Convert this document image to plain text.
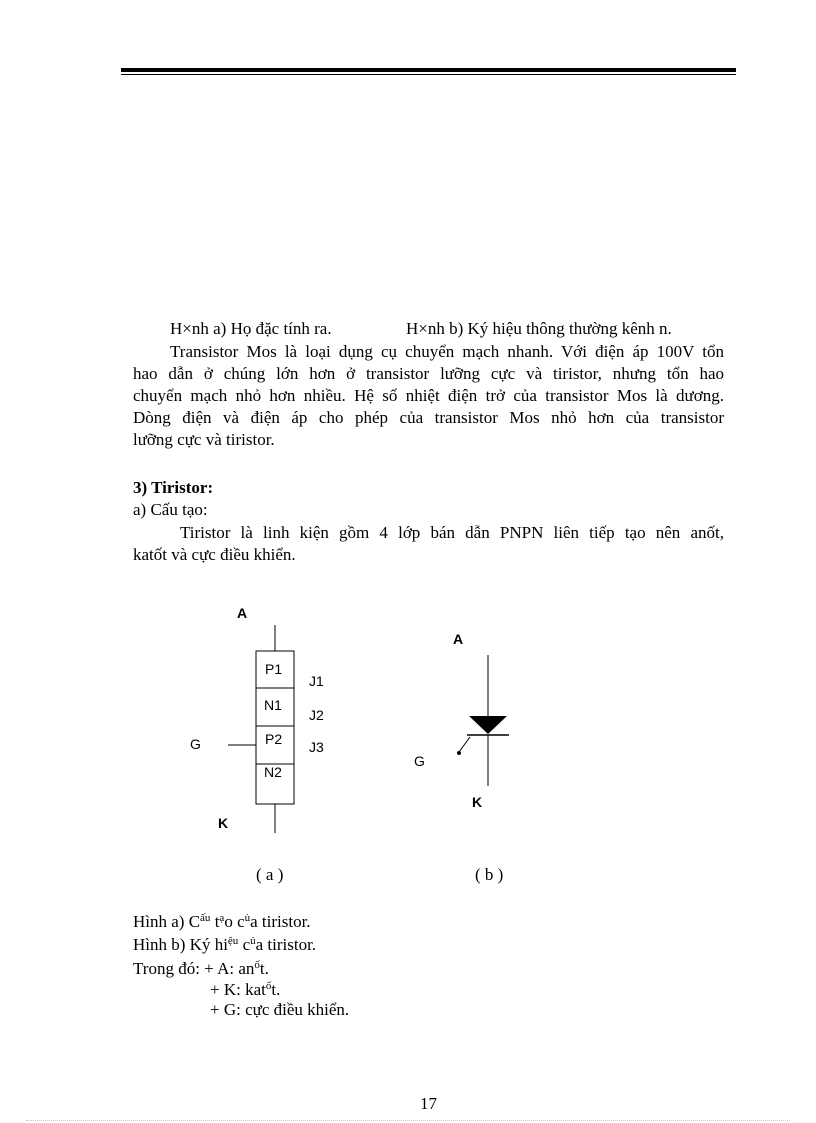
H×nh a) Họ đặc tính ra.	H×nh b) Ký hiệu thông thường kênh n.
Transistor Mos là loại dụng cụ chuyển mạch nhanh. Với điện áp 100V tổn
hao dẫn ở chúng lớn hơn ở transistor lưỡng cực và tiristor, nhưng tổn hao
chuyển mạch nhỏ hơn nhiều. Hệ số nhiệt điện trở của transistor Mos là dương.
Dòng điện và điện áp cho phép của transistor Mos nhỏ hơn của transistor
lưỡng cực và tiristor.
3) Tiristor:
a) Cấu tạo:
Tiristor là linh kiện gồm 4 lớp bán dẫn PNPN liên tiếp tạo nên anốt,
katốt và cực điều khiển.
A
K
G
P1
N1
P2
N2
J1
J2
J3
( a )
A
K
G
( b )
Hình a) $C^{ấu}$ $t^ạo$ $c^ủa$ tiristor.
Hình b) Ký $hi^{ệu}$ $c^ủa$ tiristor.
Trong đó: + A: $an^ốt$.
+ K: kat$^ố$t.
+ G: cực điều khiển.
17
